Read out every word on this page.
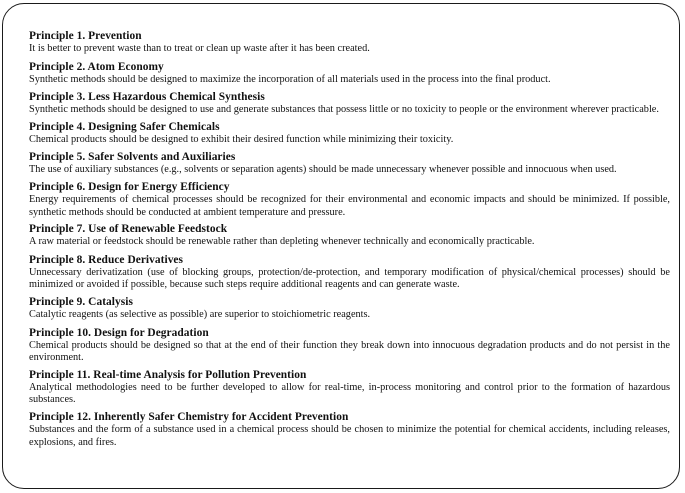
Principle 1. Prevention

It is better to prevent waste than to treat or clean up waste after it has been created.

Principle 2. Atom Economy

Synthetic methods should be designed to maximize the incorporation of all materials used in the process into the final product.

Principle 3. Less Hazardous Chemical Synthesis

Synthetic methods should be designed to use and generate substances that possess little or no toxicity to people or the environment wherever practicable.

Principle 4. Designing Safer Chemicals

Chemical products should be designed to exhibit their desired function while minimizing their toxicity.

Principle 5. Safer Solvents and Auxiliaries

The use of auxiliary substances (e.g., solvents or separation agents) should be made unnecessary whenever possible and innocuous when used.

Principle 6. Design for Energy Efficiency

Energy requirements of chemical processes should be recognized for their environmental and economic impacts and should be minimized. If possible, synthetic methods should be conducted at ambient temperature and pressure.

Principle 7. Use of Renewable Feedstock

A raw material or feedstock should be renewable rather than depleting whenever technically and economically practicable.

Principle 8. Reduce Derivatives

Unnecessary derivatization (use of blocking groups, protection/de-protection, and temporary modification of physical/chemical processes) should be minimized or avoided if possible, because such steps require additional reagents and can generate waste.

Principle 9. Catalysis

Catalytic reagents (as selective as possible) are superior to stoichiometric reagents.

Principle 10. Design for Degradation

Chemical products should be designed so that at the end of their function they break down into innocuous degradation products and do not persist in the environment.

Principle 11. Real-time Analysis for Pollution Prevention

Analytical methodologies need to be further developed to allow for real-time, in-process monitoring and control prior to the formation of hazardous substances.

Principle 12. Inherently Safer Chemistry for Accident Prevention

Substances and the form of a substance used in a chemical process should be chosen to minimize the potential for chemical accidents, including releases, explosions, and fires.
